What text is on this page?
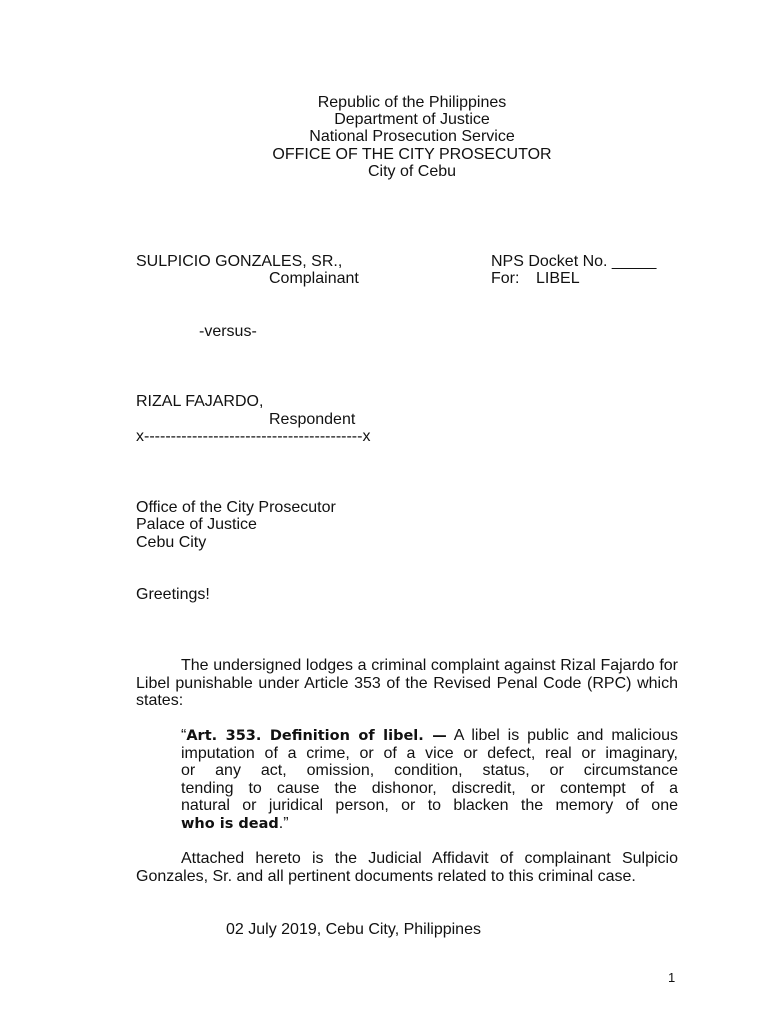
Republic of the Philippines
Department of Justice
National Prosecution Service
OFFICE OF THE CITY PROSECUTOR
City of Cebu
SULPICIO GONZALES, SR.,
Complainant
NPS Docket No. _____
For: LIBEL
-versus-
RIZAL FAJARDO,
Respondent
x-----------------------------------------x
Office of the City Prosecutor
Palace of Justice
Cebu City
Greetings!
The undersigned lodges a criminal complaint against Rizal Fajardo for Libel punishable under Article 353 of the Revised Penal Code (RPC) which states:
“Art. 353. Definition of libel. — A libel is public and malicious
imputation of a crime, or of a vice or defect, real or imaginary,
or any act, omission, condition, status, or circumstance
tending to cause the dishonor, discredit, or contempt of a
natural or juridical person, or to blacken the memory of one
who is dead.”
Attached hereto is the Judicial Affidavit of complainant Sulpicio Gonzales, Sr. and all pertinent documents related to this criminal case.
02 July 2019, Cebu City, Philippines
1
